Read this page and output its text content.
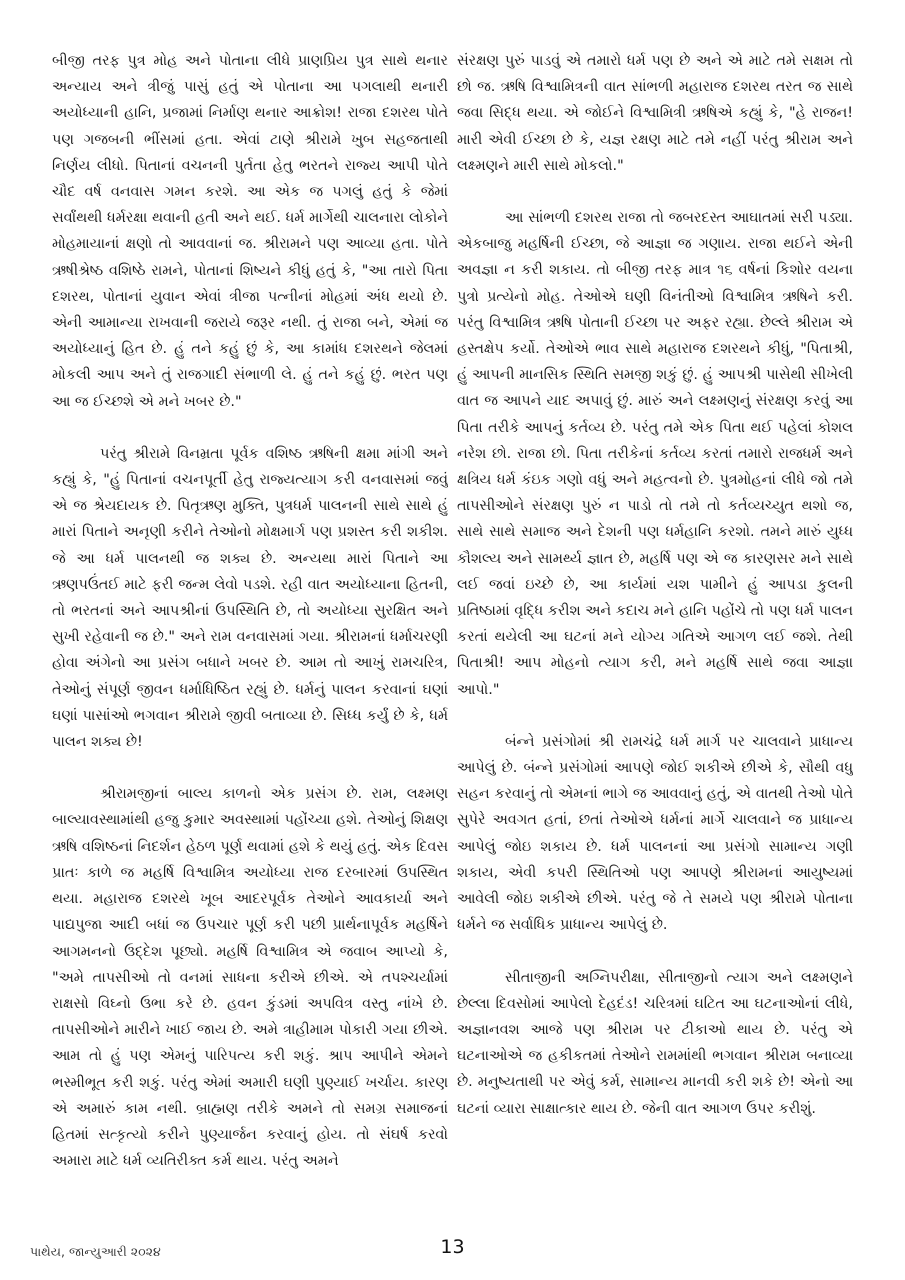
બીજી તરફ પુત્ર મોહ અને પોતાના લીધે પ્રાણપ્રિય પુત્ર સાથે થનાર અન્યાય અને ત્રીજું પાસું હતું એ પોતાના આ પગલાથી થનારી અયોધ્યાની હાનિ, પ્રજામાં નિર્માણ થનાર આક્રોશ! રાજા દશરથ પોતે પણ ગજબની ભીંસમાં હતા. એવાં ટાણે શ્રીરામે ખુબ સહજતાથી નિર્ણય લીધો. પિતાનાં વચનની પુર્તતા હેતુ ભરતને રાજ્ય આપી પોતે ચૌદ વર્ષ વનવાસ ગમન કરશે. આ એક જ પગલું હતું કે જેમાં સર્વાંથથી ધર્મરક્ષા થવાની હતી અને થઈ. ધર્મ માર્ગેથી ચાલનારા લોકોને મોહમાયાનાં ક્ષણો તો આવવાનાં જ. શ્રીરામને પણ આવ્યા હતા. પોતે ઋષીશ્રેષ્ઠ વશિષ્ઠે રામને, પોતાનાં શિષ્યને કીધું હતું કે, "આ તારો પિતા દશરથ, પોતાનાં યુવાન એવાં ત્રીજા પત્નીનાં મોહમાં અંધ થયો છે. એની આમાન્યા રાખવાની જરાયે જરૂર નથી. તું રાજા બને, એમાં જ અયોધ્યાનું હિત છે. હું તને કહું છું કે, આ કામાંધ દશરથને જેલમાં મોકલી આપ અને તું રાજગાદી સંભાળી લે. હું તને કહું છું. ભરત પણ આ જ ઈચ્છશે એ મને ખબર છે."

પરંતુ શ્રીરામે વિનમ્રતા પૂર્વક વશિષ્ઠ ઋષિની ક્ષમા માંગી અને કહ્યું કે, "હું પિતાનાં વચનપૂર્તી હેતુ રાજ્યત્યાગ કરી વનવાસમાં જવું એ જ શ્રેયદાયક છે. પિતૃઋણ મુક્તિ, પુત્રધર્મ પાલનની સાથે સાથે હું મારાં પિતાને અનૃણી કરીને તેઓનો મોક્ષમાર્ગ પણ પ્રશસ્ત કરી શકીશ. જે આ ધર્મ પાલનથી જ શક્ય છે. અન્યથા મારાં પિતાને આ ઋણપઉંતઈ માટે ફરી જન્મ લેવો પડશે. રહી વાત અયોધ્યાના હિતની, તો ભરતનાં અને આપશ્રીનાં ઉપસ્થિતિ છે, તો અયોધ્યા સુરક્ષિત અને સુખી રહેવાની જ છે." અને રામ વનવાસમાં ગયા. શ્રીરામનાં ધર્માચરણી હોવા અંગેનો આ પ્રસંગ બધાને ખબર છે. આમ તો આખું રામચરિત્ર, તેઓનું સંપૂર્ણ જીવન ધર્માધિષ્ઠિત રહ્યું છે. ધર્મનું પાલન કરવાનાં ઘણાં ઘણાં પાસાંઓ ભગવાન શ્રીરામે જીવી બતાવ્યા છે. સિધ્ધ કર્યું છે કે, ધર્મ પાલન શક્ય છે!

શ્રીરામજીનાં બાલ્ય કાળનો એક પ્રસંગ છે. રામ, લક્ષ્મણ બાલ્યાવસ્થામાંથી હજુ કુમાર અવસ્થામાં પહોંચ્યા હશે. તેઓનું શિક્ષણ ઋષિ વશિષ્ઠનાં નિદર્શન હેઠળ પૂર્ણ થવામાં હશે કે થયું હતું. એક દિવસ પ્રાતઃ કાળે જ મહર્ષિ વિશ્વામિત્ર અયોધ્યા રાજ દરબારમાં ઉપસ્થિત થયા. મહારાજ દશરથે ખૂબ આદરપૂર્વક તેઓને આવકાર્યા અને પાદ્યપુજા આદી બધાં જ ઉપચાર પૂર્ણ કરી પછી પ્રાર્થનાપૂર્વક મહર્ષિને આગમનનો ઉદ્દેશ પૂછ્યો. મહર્ષિ વિશ્વામિત્ર એ જવાબ આપ્યો કે, "અમે તાપસીઓ તો વનમાં સાધના કરીએ છીએ. એ તપશ્ચર્યામાં રાક્ષસો વિઘ્નો ઉભા કરે છે. હવન કુંડમાં અપવિત્ર વસ્તુ નાંખે છે. તાપસીઓને મારીને ખાઈ જાય છે. અમે ત્રાહીમામ પોકારી ગયા છીએ. આમ તો હું પણ એમનું પારિપત્ય કરી શકું. શ્રાપ આપીને એમને ભસ્મીભૂત કરી શકું. પરંતુ એમાં અમારી ઘણી પુણ્યાઈ ખર્ચાય. કારણ એ અમારું કામ નથી. બ્રાહ્મણ તરીકે અમને તો સમગ્ર સમાજનાં હિતમાં સત્કૃત્યો કરીને પુણ્યાર્જન કરવાનું હોય. તો સંઘર્ષ કરવો અમારા માટે ધર્મ વ્યતિરીક્ત કર્મ થાય. પરંતુ અમને

સંરક્ષણ પુરું પાડવું એ તમારો ધર્મ પણ છે અને એ માટે તમે સક્ષમ તો છો જ. ઋષિ વિશ્વામિત્રની વાત સાંભળી મહારાજ દશરથ તરત જ સાથે જવા સિદ્ધ થયા. એ જોઈને વિશ્વામિત્રી ઋષિએ કહ્યું કે, "હે રાજન! મારી એવી ઈચ્છા છે કે, યજ્ઞ રક્ષણ માટે તમે નહીં પરંતુ શ્રીરામ અને લક્ષ્મણને મારી સાથે મોકલો."

આ સાંભળી દશરથ રાજા તો જબરદસ્ત આઘાતમાં સરી પડ્યા. એકબાજુ મહર્ષિની ઈચ્છા, જે આજ્ઞા જ ગણાય. રાજા થઈને એની અવજ્ઞા ન કરી શકાય. તો બીજી તરફ માત્ર ૧૬ વર્ષનાં કિશોર વયના પુત્રો પ્રત્યેનો મોહ. તેઓએ ઘણી વિનંતીઓ વિશ્વામિત્ર ઋષિને કરી. પરંતુ વિશ્વામિત્ર ઋષિ પોતાની ઈચ્છા પર અફર રહ્યા. છેલ્લે શ્રીરામ એ હસ્તક્ષેપ કર્યો. તેઓએ ભાવ સાથે મહારાજ દશરથને કીધું, "પિતાશ્રી, હું આપની માનસિક સ્થિતિ સમજી શકું છું. હું આપશ્રી પાસેથી સીખેલી વાત જ આપને યાદ અપાવું છું. મારું અને લક્ષ્મણનું સંરક્ષણ કરવું આ પિતા તરીકે આપનું કર્તવ્ય છે. પરંતુ તમે એક પિતા થઈ પહેલાં કોશલ નરેશ છો. રાજા છો. પિતા તરીકેનાં કર્તવ્ય કરતાં તમારો રાજધર્મ અને ક્ષત્રિય ધર્મ કંઇક ગણો વધું અને મહત્વનો છે. પુત્રમોહનાં લીધે જો તમે તાપસીઓને સંરક્ષણ પુરું ન પાડો તો તમે તો કર્તવ્યચ્યુત થશો જ, સાથે સાથે સમાજ અને દેશની પણ ધર્મહાનિ કરશો. તમને મારું યુધ્ધ કૌશલ્ય અને સામર્થ્ય જ્ઞાત છે, મહર્ષિ પણ એ જ કારણસર મને સાથે લઈ જવાં ઇચ્છે છે, આ કાર્યમાં યશ પામીને હું આપડા કુલની પ્રતિષ્ઠામાં વૃદ્ધિ કરીશ અને કદાચ મને હાનિ પહોંચે તો પણ ધર્મ પાલન કરતાં થયેલી આ ઘટનાં મને યોગ્ય ગતિએ આગળ લઈ જશે. તેથી પિતાશ્રી! આપ મોહનો ત્યાગ કરી, મને મહર્ષિ સાથે જવા આજ્ઞા આપો."

બંન્ને પ્રસંગોમાં શ્રી રામચંદ્રે ધર્મ માર્ગ પર ચાલવાને પ્રાધાન્ય આપેલું છે. બંન્ને પ્રસંગોમાં આપણે જોઈ શકીએ છીએ કે, સૌથી વધુ સહન કરવાનું તો એમનાં ભાગે જ આવવાનું હતું, એ વાતથી તેઓ પોતે સુપેરે અવગત હતાં, છતાં તેઓએ ધર્મનાં માર્ગે ચાલવાને જ પ્રાધાન્ય આપેલું જોઇ શકાય છે. ધર્મ પાલનનાં આ પ્રસંગો સામાન્ય ગણી શકાય, એવી કપરી સ્થિતિઓ પણ આપણે શ્રીરામનાં આયુષ્યમાં આવેલી જોઇ શકીએ છીએ. પરંતુ જે તે સમયે પણ શ્રીરામે પોતાના ધર્મને જ સર્વાધિક પ્રાધાન્ય આપેલું છે.

સીતાજીની અગ્નિપરીક્ષા, સીતાજીનો ત્યાગ અને લક્ષ્મણને છેલ્લા દિવસોમાં આપેલો દેહદંડ! ચરિત્રમાં ઘટિત આ ઘટનાઓનાં લીધે, અજ્ઞાનવશ આજે પણ શ્રીરામ પર ટીકાઓ થાય છે. પરંતુ એ ઘટનાઓએ જ હકીકતમાં તેઓને રામમાંથી ભગવાન શ્રીરામ બનાવ્યા છે. મનુષ્યતાથી પર એવું કર્મ, સામાન્ય માનવી કરી શકે છે! એનો આ ઘટનાં વ્યારા સાક્ષાત્કાર થાય છે. જેની વાત આગળ ઉપર કરીશું.

પાથેય, જાન્યુઆરી ૨૦૨૪	13
